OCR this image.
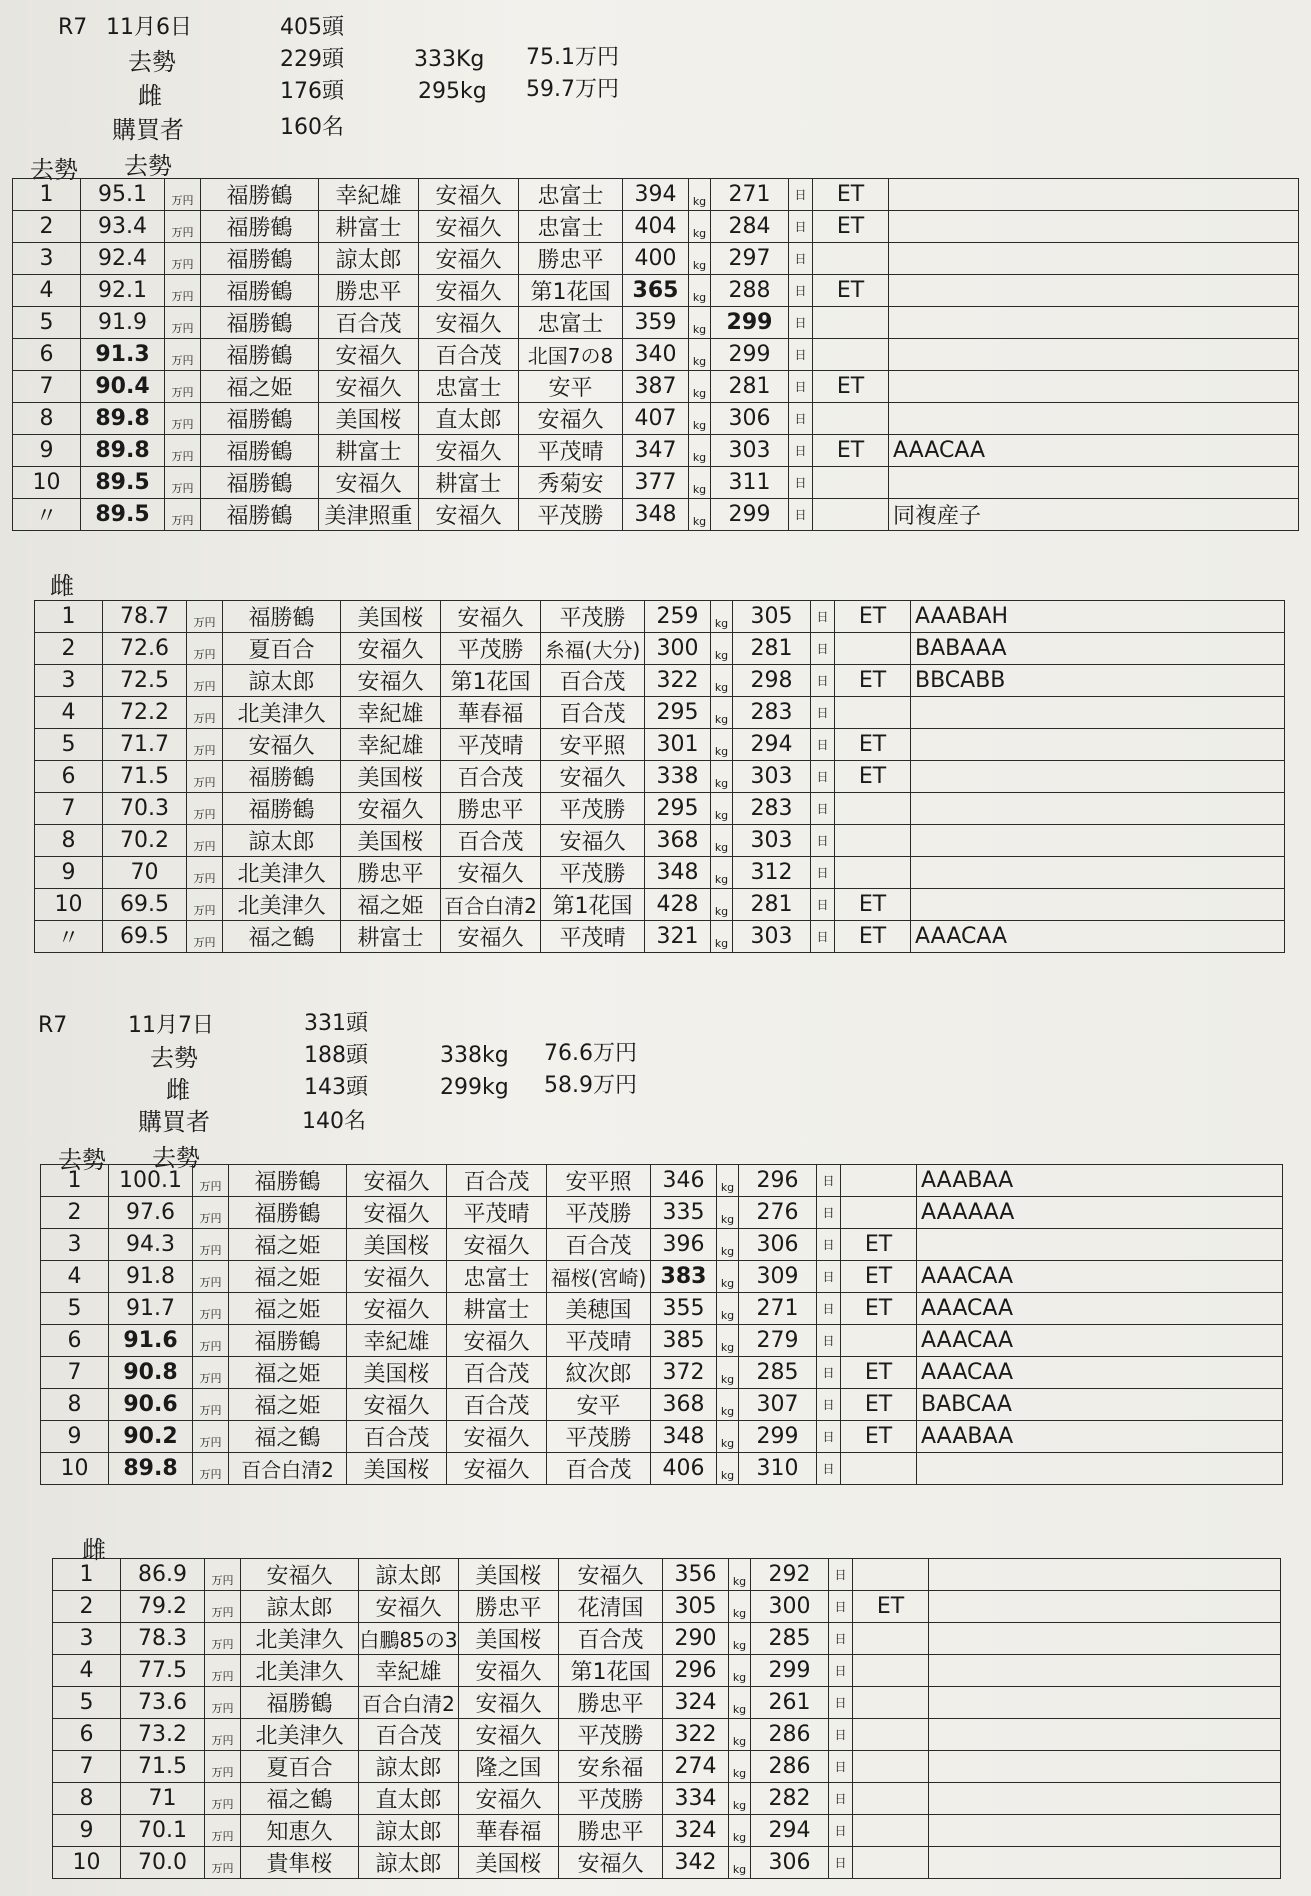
R7 11月6日	405頭
去勢	229頭	333Kg 75.1万円
雌	176頭	295kg 59.7万円
購買者	160名
去勢 去勢
1	95.1	万円	福勝鶴	幸紀雄	安福久	忠富士	394	kg	271	日	ET	
2	93.4	万円	福勝鶴	耕富士	安福久	忠富士	404	kg	284	日	ET	
3	92.4	万円	福勝鶴	諒太郎	安福久	勝忠平	400	kg	297	日		
4	92.1	万円	福勝鶴	勝忠平	安福久	第1花国	365	kg	288	日	ET	
5	91.9	万円	福勝鶴	百合茂	安福久	忠富士	359	kg	299	日		
6	91.3	万円	福勝鶴	安福久	百合茂	北国7の8	340	kg	299	日		
7	90.4	万円	福之姫	安福久	忠富士	安平	387	kg	281	日	ET	
8	89.8	万円	福勝鶴	美国桜	直太郎	安福久	407	kg	306	日		
9	89.8	万円	福勝鶴	耕富士	安福久	平茂晴	347	kg	303	日	ET	AAACAA
10	89.5	万円	福勝鶴	安福久	耕富士	秀菊安	377	kg	311	日		
〃	89.5	万円	福勝鶴	美津照重	安福久	平茂勝	348	kg	299	日		同複産子
雌
1	78.7	万円	福勝鶴	美国桜	安福久	平茂勝	259	kg	305	日	ET	AAABAH
2	72.6	万円	夏百合	安福久	平茂勝	糸福(大分)	300	kg	281	日		BABAAA
3	72.5	万円	諒太郎	安福久	第1花国	百合茂	322	kg	298	日	ET	BBCABB
4	72.2	万円	北美津久	幸紀雄	華春福	百合茂	295	kg	283	日		
5	71.7	万円	安福久	幸紀雄	平茂晴	安平照	301	kg	294	日	ET	
6	71.5	万円	福勝鶴	美国桜	百合茂	安福久	338	kg	303	日	ET	
7	70.3	万円	福勝鶴	安福久	勝忠平	平茂勝	295	kg	283	日		
8	70.2	万円	諒太郎	美国桜	百合茂	安福久	368	kg	303	日		
9	70	万円	北美津久	勝忠平	安福久	平茂勝	348	kg	312	日		
10	69.5	万円	北美津久	福之姫	百合白清2	第1花国	428	kg	281	日	ET	
〃	69.5	万円	福之鶴	耕富士	安福久	平茂晴	321	kg	303	日	ET	AAACAA
R7	11月7日	331頭
去勢	188頭	338kg 76.6万円
雌	143頭	299kg 58.9万円
購買者	140名
去勢 去勢
1	100.1	万円	福勝鶴	安福久	百合茂	安平照	346	kg	296	日		AAABAA
2	97.6	万円	福勝鶴	安福久	平茂晴	平茂勝	335	kg	276	日		AAAAAA
3	94.3	万円	福之姫	美国桜	安福久	百合茂	396	kg	306	日	ET	
4	91.8	万円	福之姫	安福久	忠富士	福桜(宮崎)	383	kg	309	日	ET	AAACAA
5	91.7	万円	福之姫	安福久	耕富士	美穂国	355	kg	271	日	ET	AAACAA
6	91.6	万円	福勝鶴	幸紀雄	安福久	平茂晴	385	kg	279	日		AAACAA
7	90.8	万円	福之姫	美国桜	百合茂	紋次郎	372	kg	285	日	ET	AAACAA
8	90.6	万円	福之姫	安福久	百合茂	安平	368	kg	307	日	ET	BABCAA
9	90.2	万円	福之鶴	百合茂	安福久	平茂勝	348	kg	299	日	ET	AAABAA
10	89.8	万円	百合白清2	美国桜	安福久	百合茂	406	kg	310	日		
雌
1	86.9	万円	安福久	諒太郎	美国桜	安福久	356	kg	292	日		
2	79.2	万円	諒太郎	安福久	勝忠平	花清国	305	kg	300	日	ET	
3	78.3	万円	北美津久	白鵬85の3	美国桜	百合茂	290	kg	285	日		
4	77.5	万円	北美津久	幸紀雄	安福久	第1花国	296	kg	299	日		
5	73.6	万円	福勝鶴	百合白清2	安福久	勝忠平	324	kg	261	日		
6	73.2	万円	北美津久	百合茂	安福久	平茂勝	322	kg	286	日		
7	71.5	万円	夏百合	諒太郎	隆之国	安糸福	274	kg	286	日		
8	71	万円	福之鶴	直太郎	安福久	平茂勝	334	kg	282	日		
9	70.1	万円	知恵久	諒太郎	華春福	勝忠平	324	kg	294	日		
10	70.0	万円	貴隼桜	諒太郎	美国桜	安福久	342	kg	306	日		
